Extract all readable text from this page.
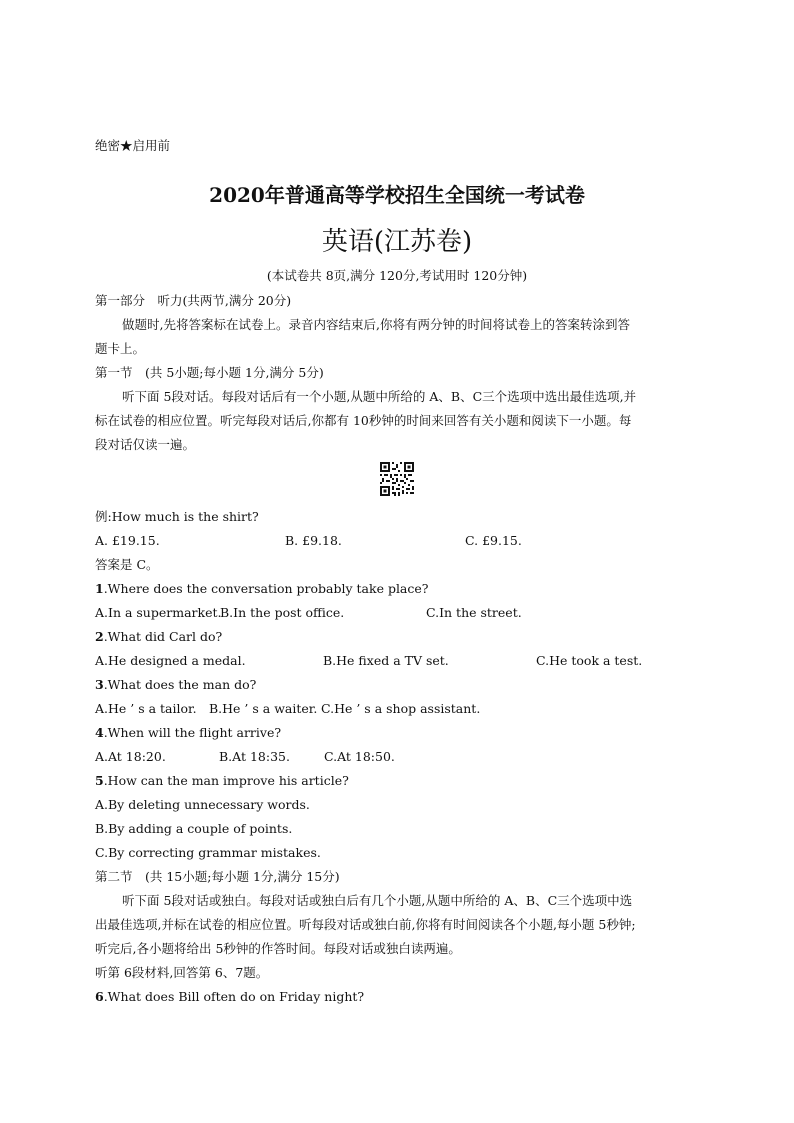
绝密★启用前
2020年普通高等学校招生全国统一考试卷
英语(江苏卷)
(本试卷共 8页,满分 120分,考试用时 120分钟)
第一部分　听力(共两节,满分 20分)
做题时,先将答案标在试卷上。录音内容结束后,你将有两分钟的时间将试卷上的答案转涂到答
题卡上。
第一节　(共 5小题;每小题 1分,满分 5分)
听下面 5段对话。每段对话后有一个小题,从题中所给的 A、B、C三个选项中选出最佳选项,并
标在试卷的相应位置。听完每段对话后,你都有 10秒钟的时间来回答有关小题和阅读下一小题。每
段对话仅读一遍。
例:How much is the shirt?
A. £19.15.	B. £9.18.	C. £9.15.
答案是 C。
1.Where does the conversation probably take place?
A.In a supermarket.
B.In the post office.	C.In the street.
2.What did Carl do?
A.He designed a medal.	B.He fixed a TV set.	C.He took a test.
3.What does the man do?
A.He ’ s a tailor. B.He ’ s a waiter. C.He ’ s a shop assistant.
4.When will the flight arrive?
A.At 18:20.	B.At 18:35.	C.At 18:50.
5.How can the man improve his article?
A.By deleting unnecessary words.
B.By adding a couple of points.
C.By correcting grammar mistakes.
第二节　(共 15小题;每小题 1分,满分 15分)
听下面 5段对话或独白。每段对话或独白后有几个小题,从题中所给的 A、B、C三个选项中选
出最佳选项,并标在试卷的相应位置。听每段对话或独白前,你将有时间阅读各个小题,每小题 5秒钟;
听完后,各小题将给出 5秒钟的作答时间。每段对话或独白读两遍。
听第 6段材料,回答第 6、7题。
6.What does Bill often do on Friday night?
